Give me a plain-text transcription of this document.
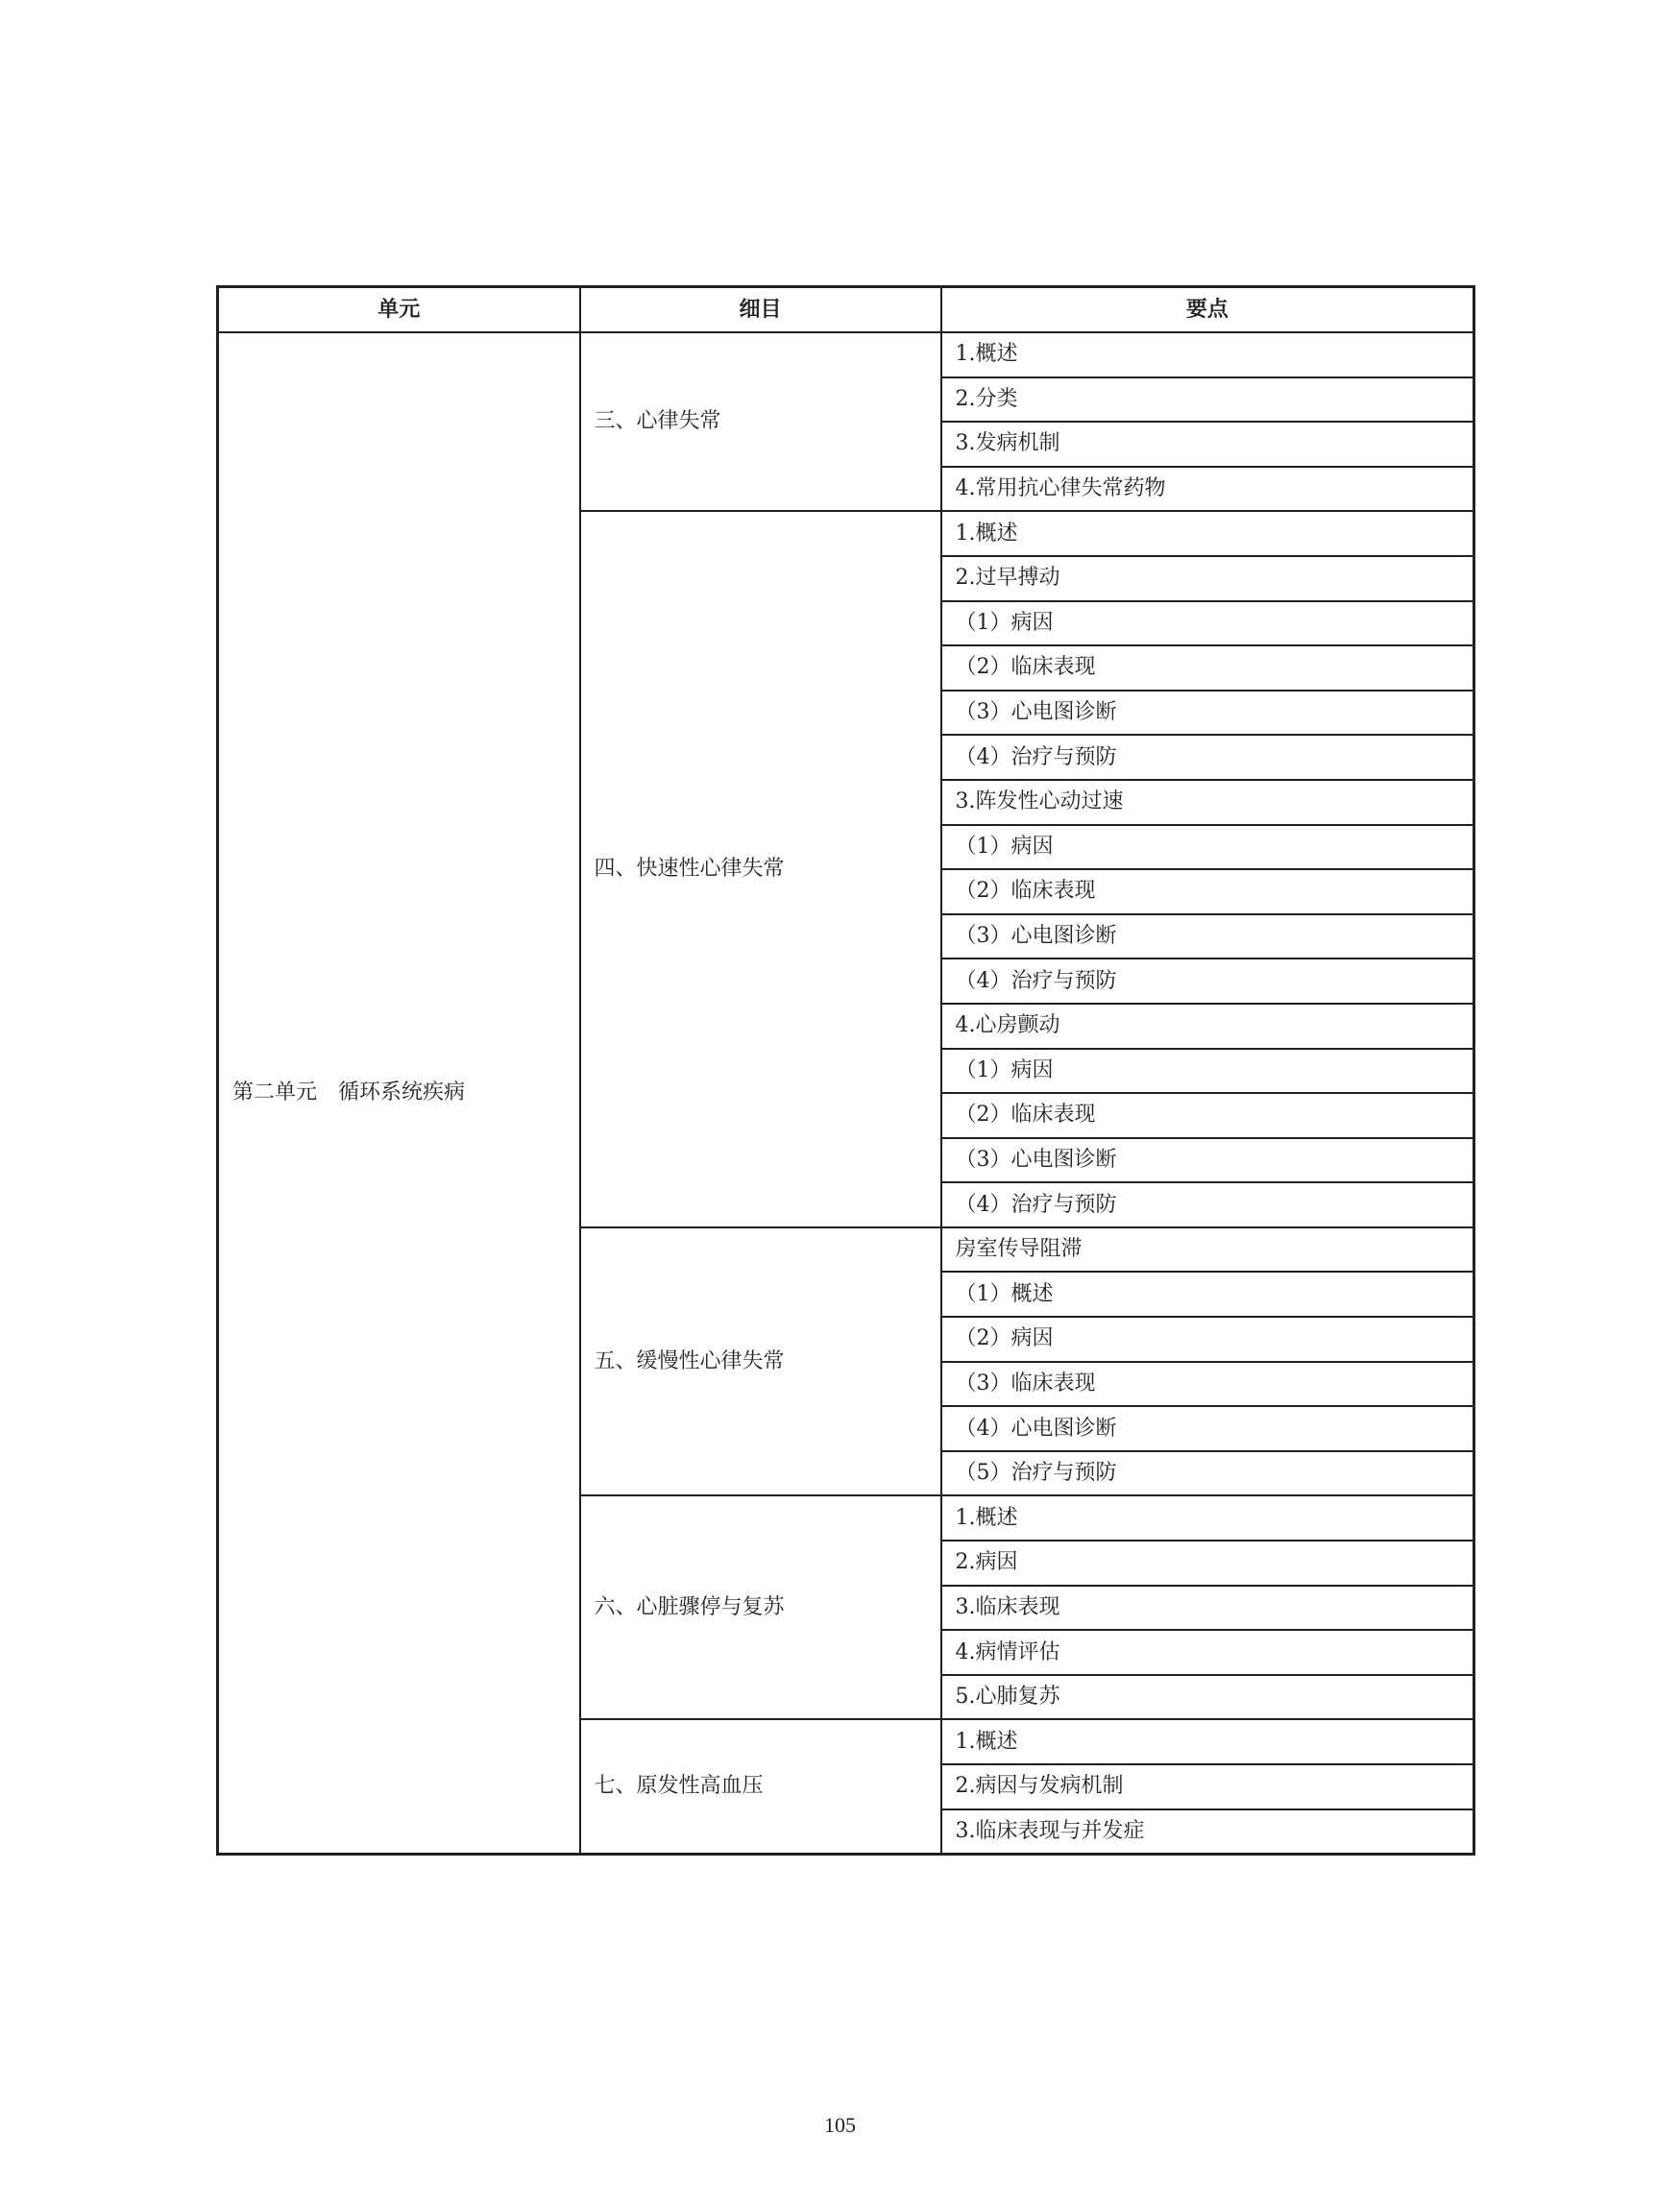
单元	细目	要点
第二单元　循环系统疾病	三、心律失常	1.概述
		2.分类
		3.发病机制
		4.常用抗心律失常药物
	四、快速性心律失常	1.概述
		2.过早搏动
		（1）病因
		（2）临床表现
		（3）心电图诊断
		（4）治疗与预防
		3.阵发性心动过速
		（1）病因
		（2）临床表现
		（3）心电图诊断
		（4）治疗与预防
		4.心房颤动
		（1）病因
		（2）临床表现
		（3）心电图诊断
		（4）治疗与预防
	五、缓慢性心律失常	房室传导阻滞
		（1）概述
		（2）病因
		（3）临床表现
		（4）心电图诊断
		（5）治疗与预防
	六、心脏骤停与复苏	1.概述
		2.病因
		3.临床表现
		4.病情评估
		5.心肺复苏
	七、原发性高血压	1.概述
		2.病因与发病机制
		3.临床表现与并发症
105
